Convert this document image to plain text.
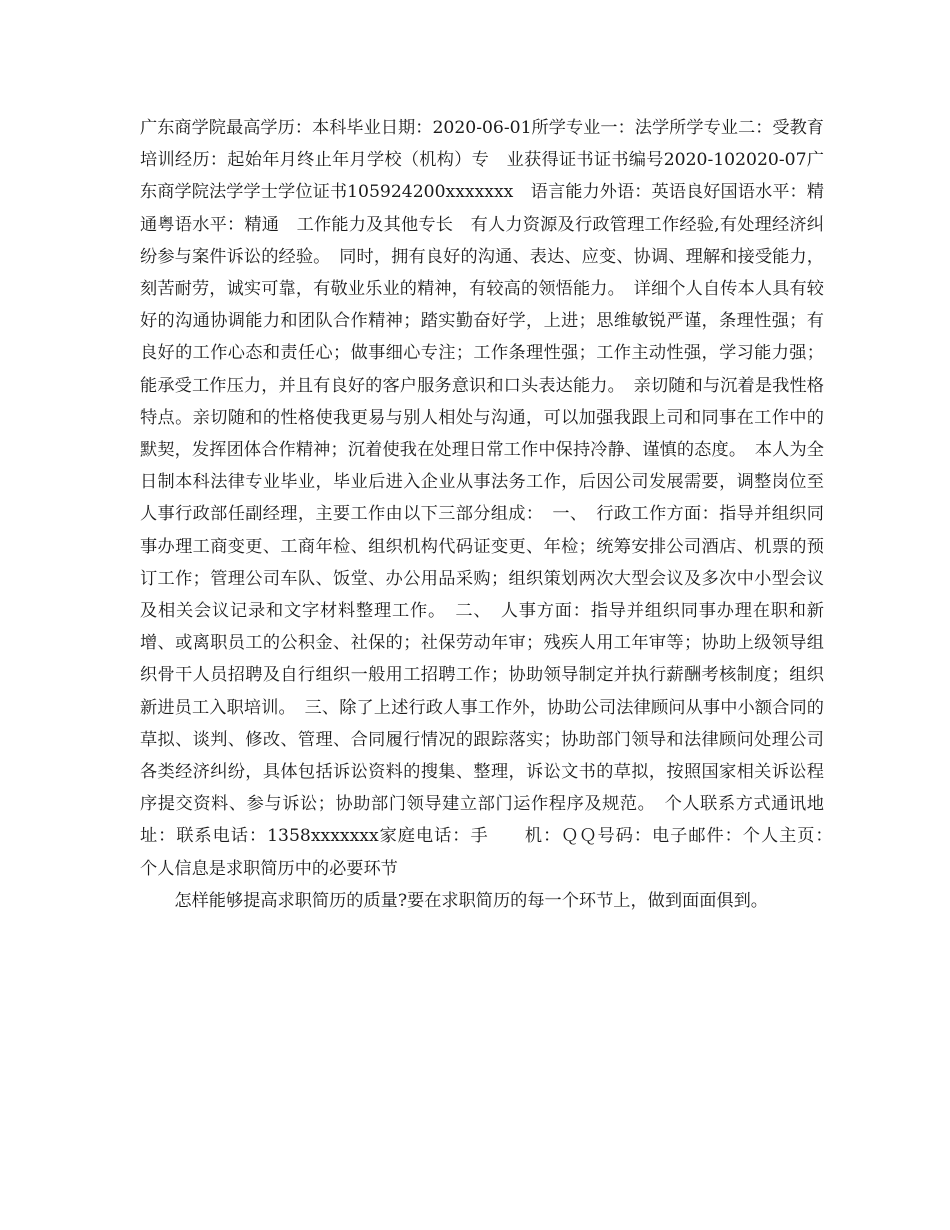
广东商学院最高学历：本科毕业日期：2020-06-01所学专业一：法学所学专业二：受教育培训经历：起始年月终止年月学校（机构）专　业获得证书证书编号2020-102020-07广东商学院法学学士学位证书105924200xxxxxxx　语言能力外语：英语良好国语水平：精通粤语水平：精通　工作能力及其他专长　有人力资源及行政管理工作经验,有处理经济纠纷参与案件诉讼的经验。　同时，拥有良好的沟通、表达、应变、协调、理解和接受能力，刻苦耐劳，诚实可靠，有敬业乐业的精神，有较高的领悟能力。　详细个人自传本人具有较好的沟通协调能力和团队合作精神；踏实勤奋好学，上进；思维敏锐严谨，条理性强；有良好的工作心态和责任心；做事细心专注；工作条理性强；工作主动性强，学习能力强；能承受工作压力，并且有良好的客户服务意识和口头表达能力。　亲切随和与沉着是我性格特点。亲切随和的性格使我更易与别人相处与沟通，可以加强我跟上司和同事在工作中的默契，发挥团体合作精神；沉着使我在处理日常工作中保持冷静、谨慎的态度。　本人为全日制本科法律专业毕业，毕业后进入企业从事法务工作，后因公司发展需要，调整岗位至人事行政部任副经理，主要工作由以下三部分组成：　一、　行政工作方面：指导并组织同事办理工商变更、工商年检、组织机构代码证变更、年检；统筹安排公司酒店、机票的预订工作；管理公司车队、饭堂、办公用品采购；组织策划两次大型会议及多次中小型会议及相关会议记录和文字材料整理工作。　二、　人事方面：指导并组织同事办理在职和新增、或离职员工的公积金、社保的；社保劳动年审；残疾人用工年审等；协助上级领导组织骨干人员招聘及自行组织一般用工招聘工作；协助领导制定并执行薪酬考核制度；组织新进员工入职培训。　三、除了上述行政人事工作外，协助公司法律顾问从事中小额合同的草拟、谈判、修改、管理、合同履行情况的跟踪落实；协助部门领导和法律顾问处理公司各类经济纠纷，具体包括诉讼资料的搜集、整理，诉讼文书的草拟，按照国家相关诉讼程序提交资料、参与诉讼；协助部门领导建立部门运作程序及规范。　个人联系方式通讯地址：联系电话：1358xxxxxxx家庭电话：手　　机：ＱＱ号码：电子邮件：个人主页：　　个人信息是求职简历中的必要环节

怎样能够提高求职简历的质量?要在求职简历的每一个环节上，做到面面俱到。
